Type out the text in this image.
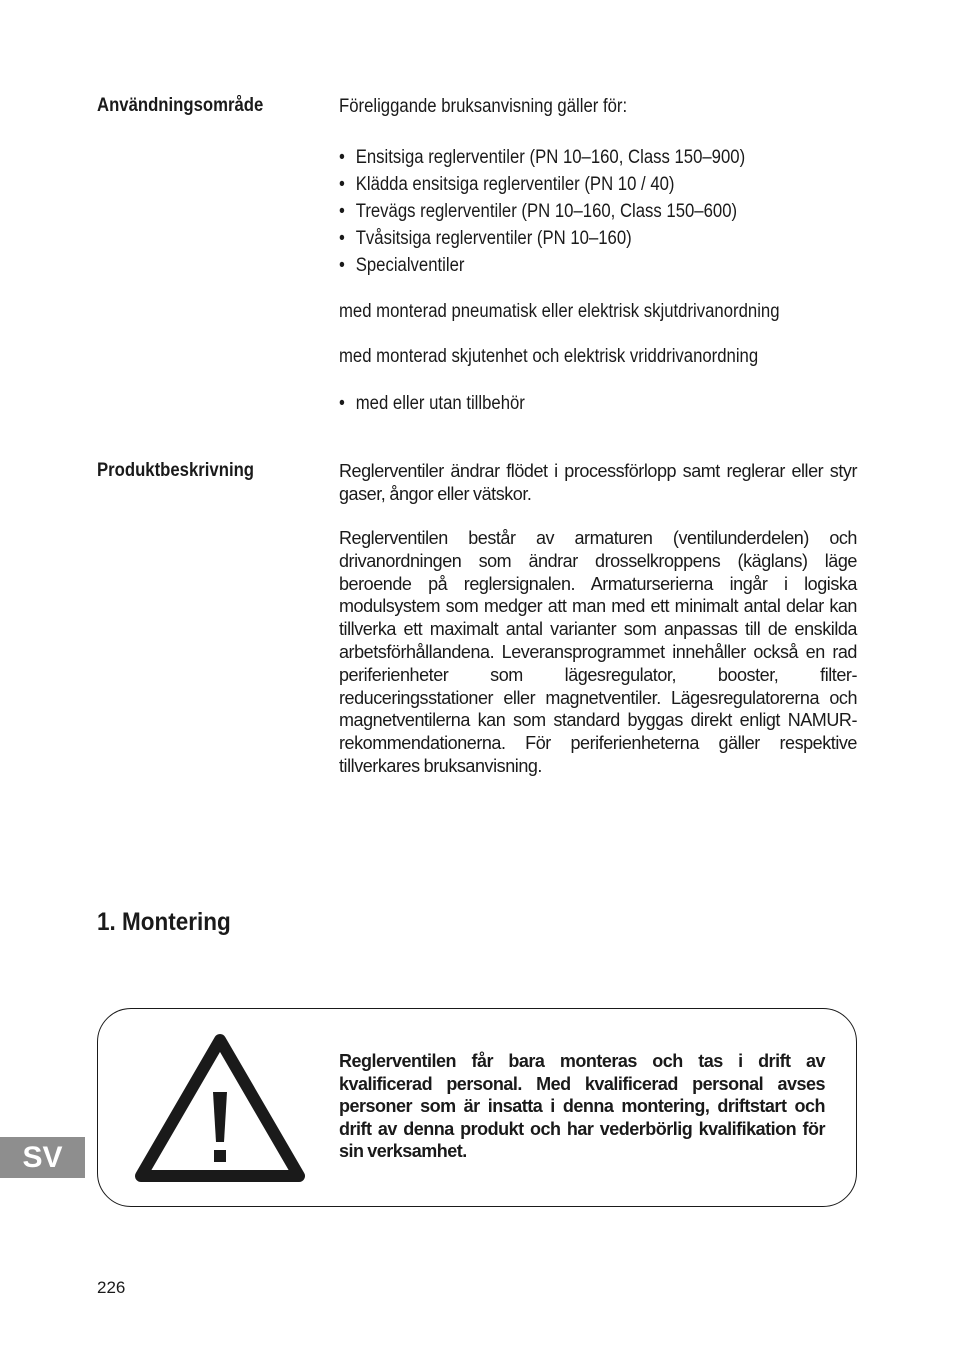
Användningsområde	Föreliggande bruksanvisning gäller för:
• Ensitsiga reglerventiler (PN 10–160, Class 150–900)
• Klädda ensitsiga reglerventiler (PN 10 / 40)
• Trevägs reglerventiler (PN 10–160, Class 150–600)
• Tvåsitsiga reglerventiler (PN 10–160)
• Specialventiler
med monterad pneumatisk eller elektrisk skjutdrivanordning
med monterad skjutenhet och elektrisk vriddrivanordning
• med eller utan tillbehör
Produktbeskrivning	Reglerventiler ändrar flödet i processförlopp samt reglerar eller styr gaser, ångor eller vätskor.
Reglerventilen består av armaturen (ventilunderdelen) och drivanordningen som ändrar drosselkroppens (käglans) läge beroende på reglersignalen. Armaturserierna ingår i logiska modulsystem som medger att man med ett minimalt antal delar kan tillverka ett maximalt antal varianter som anpassas till de enskilda arbetsförhållandena. Leveransprogrammet innehåller också en rad periferienheter som lägesregulator, booster, filter-reduceringsstationer eller magnetventiler. Lägesregulatorerna och magnetventilerna kan som standard byggas direkt enligt NAMUR-rekommendationerna. För periferienheterna gäller respektive tillverkares bruksanvisning.
1. Montering
Reglerventilen får bara monteras och tas i drift av kvalificerad personal. Med kvalificerad personal avses personer som är insatta i denna montering, driftstart och drift av denna produkt och har vederbörlig kvalifikation för sin verksamhet.
SV
226
